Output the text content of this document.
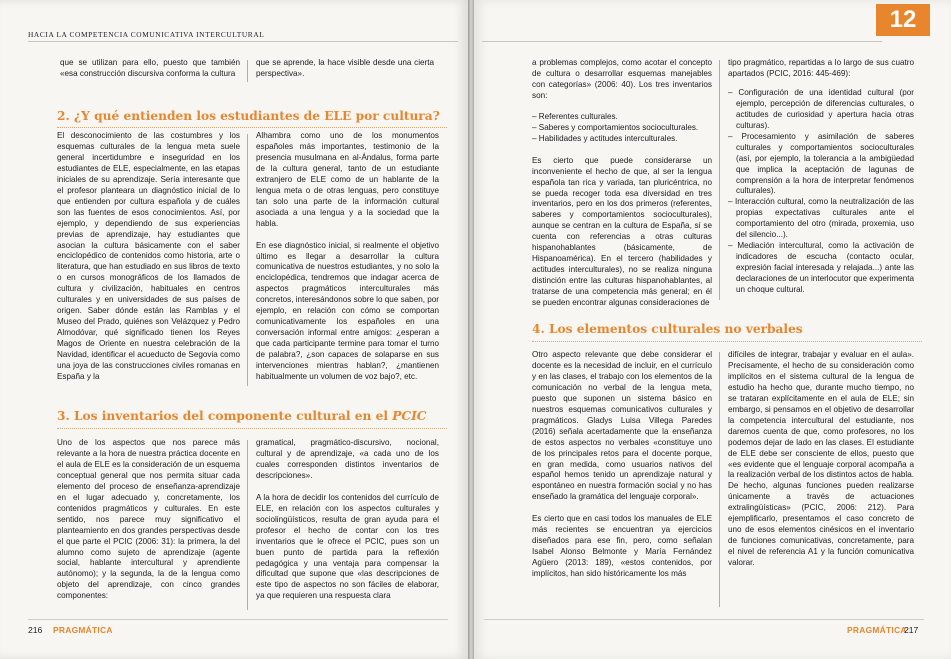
HACIA LA COMPETENCIA COMUNICATIVA INTERCULTURAL

que se utilizan para ello, puesto que también «esa construcción discursiva conforma la cultura

que se aprende, la hace visible desde una cierta perspectiva».

2. ¿Y qué entienden los estudiantes de ELE por cultura?

El desconocimiento de las costumbres y los esquemas culturales de la lengua meta suele general incertidumbre e inseguridad en los estudiantes de ELE, especialmente, en las etapas iniciales de su aprendizaje. Sería interesante que el profesor planteara un diagnóstico inicial de lo que entienden por cultura española y de cuáles son las fuentes de esos conocimientos. Así, por ejemplo, y dependiendo de sus experiencias previas de aprendizaje, hay estudiantes que asocian la cultura básicamente con el saber enciclopédico de contenidos como historia, arte o literatura, que han estudiado en sus libros de texto o en cursos monográficos de los llamados de cultura y civilización, habituales en centros culturales y en universidades de sus países de origen. Saber dónde están las Ramblas y el Museo del Prado, quiénes son Velázquez y Pedro Almodóvar, qué significado tienen los Reyes Magos de Oriente en nuestra celebración de la Navidad, identificar el acueducto de Segovia como una joya de las construcciones civiles romanas en España y la

Alhambra como uno de los monumentos españoles más importantes, testimonio de la presencia musulmana en al-Ándalus, forma parte de la cultura general, tanto de un estudiante extranjero de ELE como de un hablante de la lengua meta o de otras lenguas, pero constituye tan solo una parte de la información cultural asociada a una lengua y a la sociedad que la habla.

En ese diagnóstico inicial, si realmente el objetivo último es llegar a desarrollar la cultura comunicativa de nuestros estudiantes, y no solo la enciclopédica, tendremos que indagar acerca de aspectos pragmáticos interculturales más concretos, interesándonos sobre lo que saben, por ejemplo, en relación con cómo se comportan comunicativamente los españoles en una conversación informal entre amigos: ¿esperan a que cada participante termine para tomar el turno de palabra?, ¿son capaces de solaparse en sus intervenciones mientras hablan?, ¿mantienen habitualmente un volumen de voz bajo?, etc.

3. Los inventarios del componente cultural en el PCIC

Uno de los aspectos que nos parece más relevante a la hora de nuestra práctica docente en el aula de ELE es la consideración de un esquema conceptual general que nos permita situar cada elemento del proceso de enseñanza-aprendizaje en el lugar adecuado y, concretamente, los contenidos pragmáticos y culturales. En este sentido, nos parece muy significativo el planteamiento en dos grandes perspectivas desde el que parte el PCIC (2006: 31): la primera, la del alumno como sujeto de aprendizaje (agente social, hablante intercultural y aprendiente autónomo); y la segunda, la de la lengua como objeto del aprendizaje, con cinco grandes componentes:

gramatical, pragmático-discursivo, nocional, cultural y de aprendizaje, «a cada uno de los cuales corresponden distintos inventarios de descripciones».

A la hora de decidir los contenidos del currículo de ELE, en relación con los aspectos culturales y sociolingüísticos, resulta de gran ayuda para el profesor el hecho de contar con los tres inventarios que le ofrece el PCIC, pues son un buen punto de partida para la reflexión pedagógica y una ventaja para compensar la dificultad que supone que «las descripciones de este tipo de aspectos no son fáciles de elaborar, ya que requieren una respuesta clara

216 PRAGMÁTICA
12

a problemas complejos, como acotar el concepto de cultura o desarrollar esquemas manejables con categorías» (2006: 40). Los tres inventarios son:

– Referentes culturales.
– Saberes y comportamientos socioculturales.
– Habilidades y actitudes interculturales.

Es cierto que puede considerarse un inconveniente el hecho de que, al ser la lengua española tan rica y variada, tan pluricéntrica, no se pueda recoger toda esa diversidad en tres inventarios, pero en los dos primeros (referentes, saberes y comportamientos socioculturales), aunque se centran en la cultura de España, sí se cuenta con referencias a otras culturas hispanohablantes (básicamente, de Hispanoamérica). En el tercero (habilidades y actitudes interculturales), no se realiza ninguna distinción entre las culturas hispanohablantes, al tratarse de una competencia más general; en él se pueden encontrar algunas consideraciones de

tipo pragmático, repartidas a lo largo de sus cuatro apartados (PCIC, 2016: 445-469):

– Configuración de una identidad cultural (por ejemplo, percepción de diferencias culturales, o actitudes de curiosidad y apertura hacia otras culturas).
– Procesamiento y asimilación de saberes culturales y comportamientos socioculturales (así, por ejemplo, la tolerancia a la ambigüedad que implica la aceptación de lagunas de comprensión a la hora de interpretar fenómenos culturales).
– Interacción cultural, como la neutralización de las propias expectativas culturales ante el comportamiento del otro (mirada, proxemia, uso del silencio...).
– Mediación intercultural, como la activación de indicadores de escucha (contacto ocular, expresión facial interesada y relajada...) ante las declaraciones de un interlocutor que experimenta un choque cultural.

4. Los elementos culturales no verbales

Otro aspecto relevante que debe considerar el docente es la necesidad de incluir, en el currículo y en las clases, el trabajo con los elementos de la comunicación no verbal de la lengua meta, puesto que suponen un sistema básico en nuestros esquemas comunicativos culturales y pragmáticos. Gladys Luisa Villega Paredes (2016) señala acertadamente que la enseñanza de estos aspectos no verbales «constituye uno de los principales retos para el docente porque, en gran medida, como usuarios nativos del español hemos tenido un aprendizaje natural y espontáneo en nuestra formación social y no has enseñado la gramática del lenguaje corporal».

Es cierto que en casi todos los manuales de ELE más recientes se encuentran ya ejercicios diseñados para ese fin, pero, como señalan Isabel Alonso Belmonte y María Fernández Agüero (2013: 189), «estos contenidos, por implícitos, han sido históricamente los más

difíciles de integrar, trabajar y evaluar en el aula». Precisamente, el hecho de su consideración como implícitos en el sistema cultural de la lengua de estudio ha hecho que, durante mucho tiempo, no se trataran explícitamente en el aula de ELE; sin embargo, si pensamos en el objetivo de desarrollar la competencia intercultural del estudiante, nos daremos cuenta de que, como profesores, no los podemos dejar de lado en las clases. El estudiante de ELE debe ser consciente de ellos, puesto que «es evidente que el lenguaje corporal acompaña a la realización verbal de los distintos actos de habla. De hecho, algunas funciones pueden realizarse únicamente a través de actuaciones extralingüísticas» (PCIC, 2006: 212). Para ejemplificarlo, presentamos el caso concreto de uno de esos elementos cinésicos en el inventario de funciones comunicativas, concretamente, para el nivel de referencia A1 y la función comunicativa valorar.

PRAGMÁTICA
217
